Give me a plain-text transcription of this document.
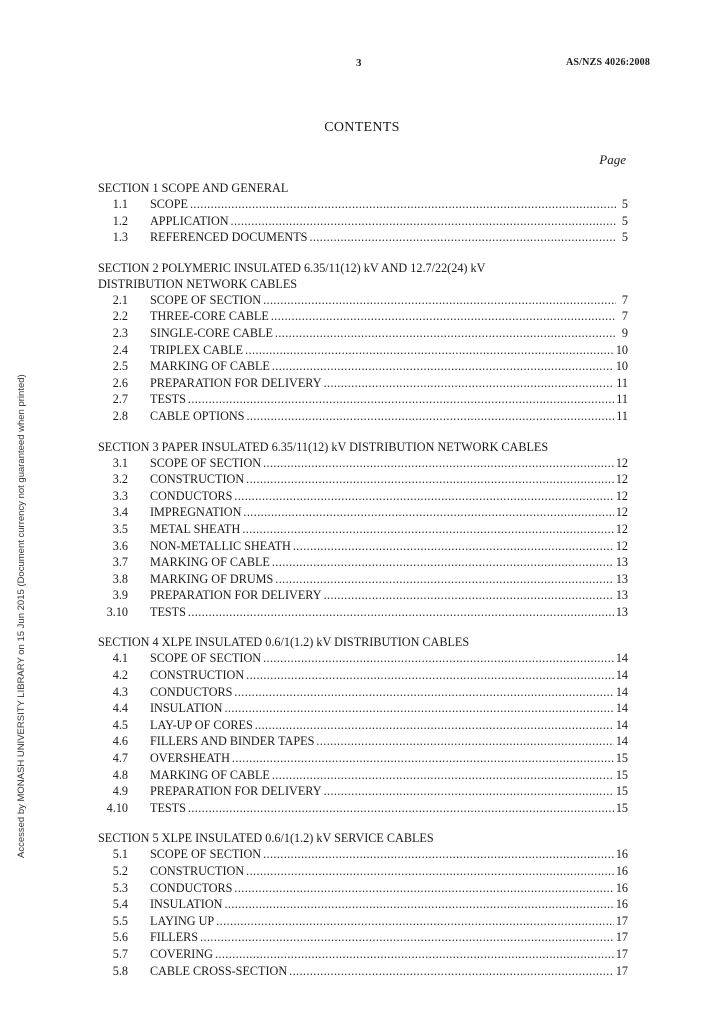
3	AS/NZS 4026:2008
CONTENTS
Page
Accessed by MONASH UNIVERSITY LIBRARY on 15 Jun 2015 (Document currency not guaranteed when printed)
SECTION 1 SCOPE AND GENERAL
1.1	SCOPE .....	5
1.2	APPLICATION .....	5
1.3	REFERENCED DOCUMENTS .....	5
SECTION 2 POLYMERIC INSULATED 6.35/11(12) kV AND 12.7/22(24) kV
DISTRIBUTION NETWORK CABLES
2.1	SCOPE OF SECTION .....	7
2.2	THREE-CORE CABLE .....	7
2.3	SINGLE-CORE CABLE .....	9
2.4	TRIPLEX CABLE .....	10
2.5	MARKING OF CABLE .....	10
2.6	PREPARATION FOR DELIVERY .....	11
2.7	TESTS .....	11
2.8	CABLE OPTIONS .....	11
SECTION 3 PAPER INSULATED 6.35/11(12) kV DISTRIBUTION NETWORK CABLES
3.1	SCOPE OF SECTION .....	12
3.2	CONSTRUCTION .....	12
3.3	CONDUCTORS .....	12
3.4	IMPREGNATION .....	12
3.5	METAL SHEATH .....	12
3.6	NON-METALLIC SHEATH .....	12
3.7	MARKING OF CABLE .....	13
3.8	MARKING OF DRUMS .....	13
3.9	PREPARATION FOR DELIVERY .....	13
3.10	TESTS .....	13
SECTION 4 XLPE INSULATED 0.6/1(1.2) kV DISTRIBUTION CABLES
4.1	SCOPE OF SECTION .....	14
4.2	CONSTRUCTION .....	14
4.3	CONDUCTORS .....	14
4.4	INSULATION .....	14
4.5	LAY-UP OF CORES .....	14
4.6	FILLERS AND BINDER TAPES .....	14
4.7	OVERSHEATH .....	15
4.8	MARKING OF CABLE .....	15
4.9	PREPARATION FOR DELIVERY .....	15
4.10	TESTS .....	15
SECTION 5 XLPE INSULATED 0.6/1(1.2) kV SERVICE CABLES
5.1	SCOPE OF SECTION .....	16
5.2	CONSTRUCTION .....	16
5.3	CONDUCTORS .....	16
5.4	INSULATION .....	16
5.5	LAYING UP .....	17
5.6	FILLERS .....	17
5.7	COVERING .....	17
5.8	CABLE CROSS-SECTION .....	17
